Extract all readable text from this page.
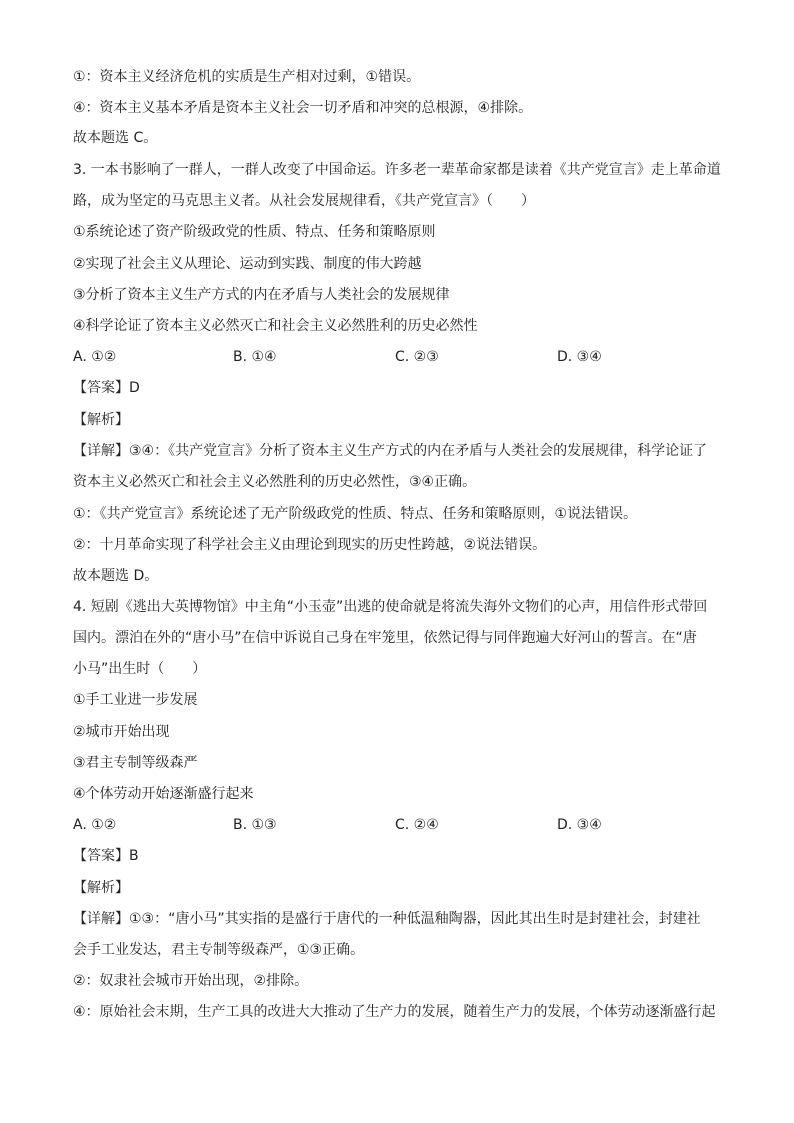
①：资本主义经济危机的实质是生产相对过剩，①错误。
④：资本主义基本矛盾是资本主义社会一切矛盾和冲突的总根源，④排除。
故本题选 C。
3. 一本书影响了一群人，一群人改变了中国命运。许多老一辈革命家都是读着《共产党宣言》走上革命道
路，成为坚定的马克思主义者。从社会发展规律看，《共产党宣言》（　　）
①系统论述了资产阶级政党的性质、特点、任务和策略原则
②实现了社会主义从理论、运动到实践、制度的伟大跨越
③分析了资本主义生产方式的内在矛盾与人类社会的发展规律
④科学论证了资本主义必然灭亡和社会主义必然胜利的历史必然性
A. ①②	B. ①④	C. ②③	D. ③④
【答案】D
【解析】
【详解】③④：《共产党宣言》分析了资本主义生产方式的内在矛盾与人类社会的发展规律，科学论证了
资本主义必然灭亡和社会主义必然胜利的历史必然性，③④正确。
①：《共产党宣言》系统论述了无产阶级政党的性质、特点、任务和策略原则，①说法错误。
②：十月革命实现了科学社会主义由理论到现实的历史性跨越，②说法错误。
故本题选 D。
4. 短剧《逃出大英博物馆》中主角“小玉壶”出逃的使命就是将流失海外文物们的心声，用信件形式带回
国内。漂泊在外的“唐小马”在信中诉说自己身在牢笼里，依然记得与同伴跑遍大好河山的誓言。在“唐
小马”出生时（　　）
①手工业进一步发展
②城市开始出现
③君主专制等级森严
④个体劳动开始逐渐盛行起来
A. ①②	B. ①③	C. ②④	D. ③④
【答案】B
【解析】
【详解】①③：“唐小马”其实指的是盛行于唐代的一种低温釉陶器，因此其出生时是封建社会，封建社
会手工业发达，君主专制等级森严，①③正确。
②：奴隶社会城市开始出现，②排除。
④：原始社会末期，生产工具的改进大大推动了生产力的发展，随着生产力的发展，个体劳动逐渐盛行起
